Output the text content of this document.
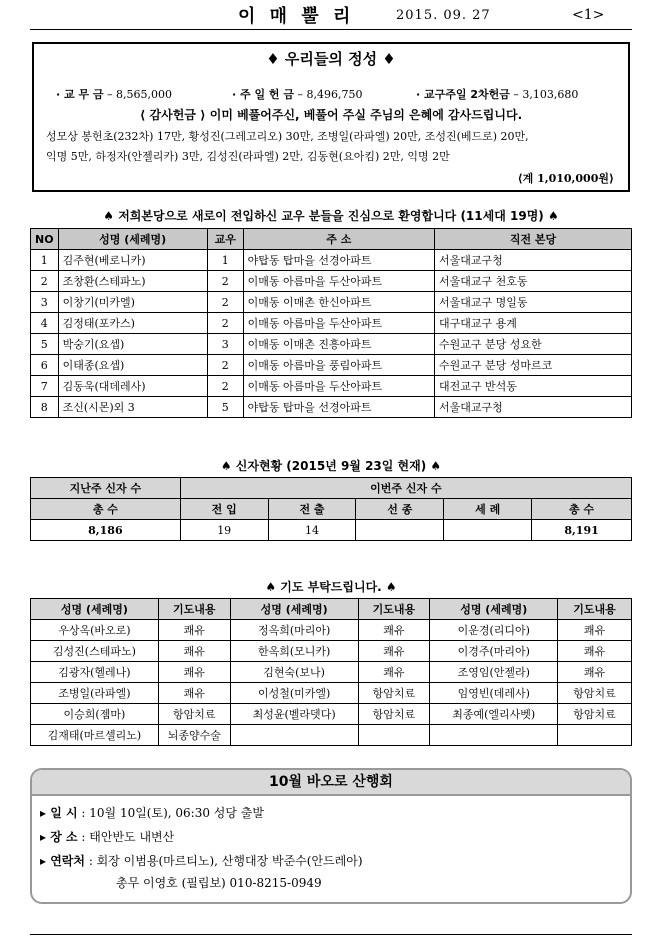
이 매 뿔 리	2015. 09. 27	<1>
♦ 우리들의 정성 ♦
· 교 무 금 – 8,565,000	· 주 일 헌 금 – 8,496,750	· 교구주일 2차헌금 – 3,103,680
⟨ 감사헌금 ⟩ 이미 베풀어주신, 베풀어 주실 주님의 은혜에 감사드립니다.
성모상 봉헌초(232차) 17만, 황성진(그레고리오) 30만, 조병일(라파엘) 20만, 조성진(베드로) 20만,
익명 5만, 하정자(안젤리카) 3만, 김성진(라파엘) 2만, 김동현(요아킴) 2만, 익명 2만
⟨계 1,010,000원⟩
♠ 저희본당으로 새로이 전입하신 교우 분들을 진심으로 환영합니다 (11세대 19명) ♠
NO	성명 (세례명)	교우	주 소	직전 본당
1	김주현(베로니카)	1	야탑동 탑마을 선경아파트	서울대교구청
2	조창환(스테파노)	2	이매동 아름마을 두산아파트	서울대교구 천호동
3	이창기(미카엘)	2	이매동 이매촌 한신아파트	서울대교구 명일동
4	김정태(포카스)	2	이매동 아름마을 두산아파트	대구대교구 용계
5	박숭기(요셉)	3	이매동 이매촌 진흥아파트	수원교구 분당 성요한
6	이태종(요셉)	2	이매동 아름마을 풍림아파트	수원교구 분당 성마르코
7	김동욱(대데레사)	2	이매동 아름마을 두산아파트	대전교구 반석동
8	조신(시몬)외 3	5	야탑동 탑마을 선경아파트	서울대교구청
♠ 신자현황 (2015년 9월 23일 현재) ♠
지난주 신자 수	이번주 신자 수				
총 수	전 입	전 출	선 종	세 례	총 수
8,186	19	14			8,191
♠ 기도 부탁드립니다. ♠
성명 (세례명)	기도내용	성명 (세례명)	기도내용	성명 (세례명)	기도내용
우상옥(바오로)	쾌유	정옥희(마리아)	쾌유	이운경(리디아)	쾌유
김성진(스테파노)	쾌유	한옥희(모니카)	쾌유	이경주(마리아)	쾌유
김광자(헬레나)	쾌유	김현숙(보나)	쾌유	조영임(안젤라)	쾌유
조병일(라파엘)	쾌유	이성철(미카엘)	항암치료	임영빈(데레사)	항암치료
이승희(젬마)	항암치료	최성윤(벨라뎃다)	항암치료	최종예(엘리사벳)	항암치료
김재태(마르셀리노)	뇌종양수술				
10월 바오로 산행회
▸ 일 시 : 10월 10일(토), 06:30 성당 출발
▸ 장 소 : 태안반도 내변산
▸ 연락처 : 회장 이범용(마르티노), 산행대장 박준수(안드레아)
총무 이영호 (필립보) 010-8215-0949
